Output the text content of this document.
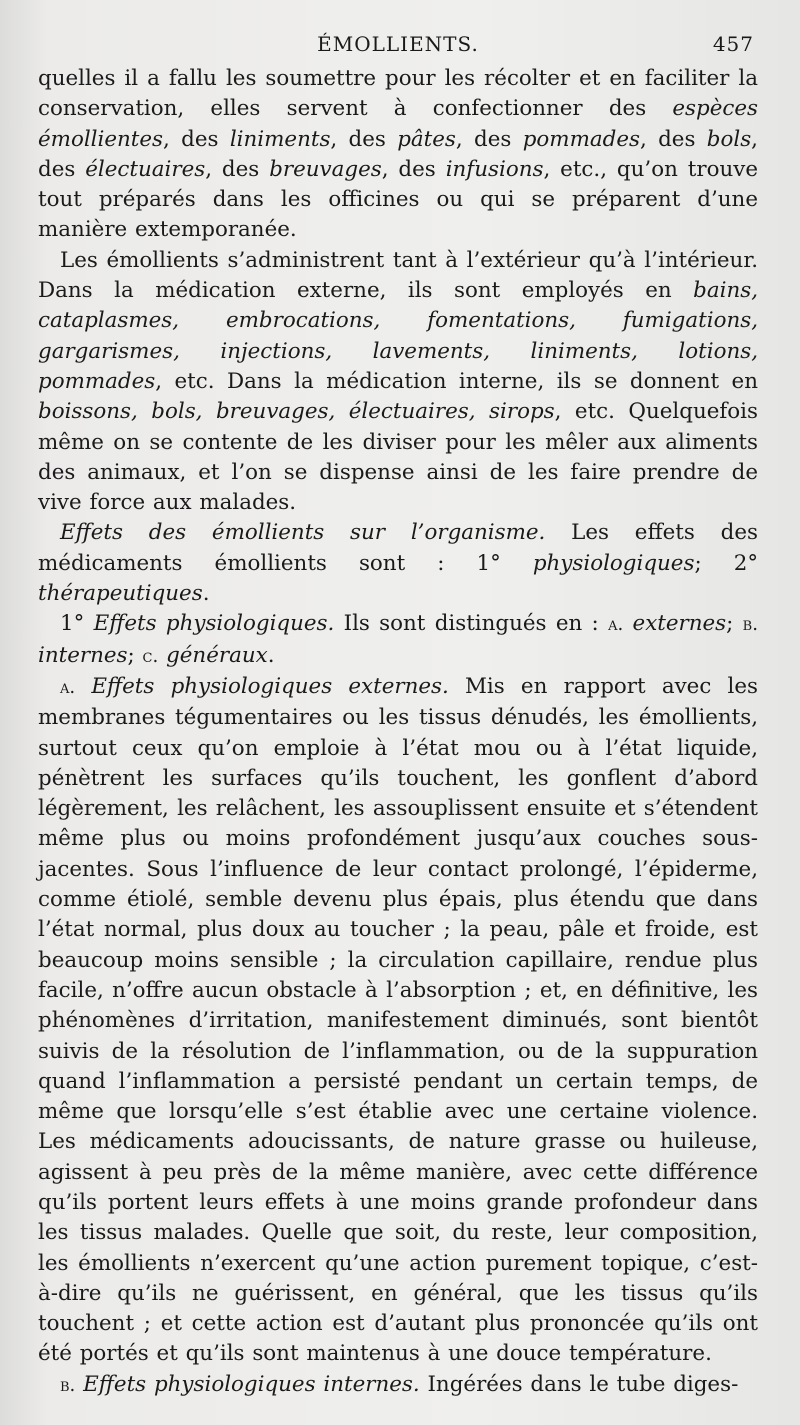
ÉMOLLIENTS.	457

quelles il a fallu les soumettre pour les récolter et en faciliter la conservation, elles servent à confectionner des espèces émollientes, des liniments, des pâtes, des pommades, des bols, des électuaires, des breuvages, des infusions, etc., qu’on trouve tout préparés dans les officines ou qui se préparent d’une manière extemporanée.

Les émollients s’administrent tant à l’extérieur qu’à l’intérieur. Dans la médication externe, ils sont employés en bains, cataplasmes, embrocations, fomentations, fumigations, gargarismes, injections, lavements, liniments, lotions, pommades, etc. Dans la médication interne, ils se donnent en boissons, bols, breuvages, électuaires, sirops, etc. Quelquefois même on se contente de les diviser pour les mêler aux aliments des animaux, et l’on se dispense ainsi de les faire prendre de vive force aux malades.

Effets des émollients sur l’organisme. Les effets des médicaments émollients sont : 1° physiologiques; 2° thérapeutiques.

1° Effets physiologiques. Ils sont distingués en : a. externes; b. internes; c. généraux.

a. Effets physiologiques externes. Mis en rapport avec les membranes tégumentaires ou les tissus dénudés, les émollients, surtout ceux qu’on emploie à l’état mou ou à l’état liquide, pénètrent les surfaces qu’ils touchent, les gonflent d’abord légèrement, les relâchent, les assouplissent ensuite et s’étendent même plus ou moins profondément jusqu’aux couches sous-jacentes. Sous l’influence de leur contact prolongé, l’épiderme, comme étiolé, semble devenu plus épais, plus étendu que dans l’état normal, plus doux au toucher ; la peau, pâle et froide, est beaucoup moins sensible ; la circulation capillaire, rendue plus facile, n’offre aucun obstacle à l’absorption ; et, en définitive, les phénomènes d’irritation, manifestement diminués, sont bientôt suivis de la résolution de l’inflammation, ou de la suppuration quand l’inflammation a persisté pendant un certain temps, de même que lorsqu’elle s’est établie avec une certaine violence. Les médicaments adoucissants, de nature grasse ou huileuse, agissent à peu près de la même manière, avec cette différence qu’ils portent leurs effets à une moins grande profondeur dans les tissus malades. Quelle que soit, du reste, leur composition, les émollients n’exercent qu’une action purement topique, c’est-à-dire qu’ils ne guérissent, en général, que les tissus qu’ils touchent ; et cette action est d’autant plus prononcée qu’ils ont été portés et qu’ils sont maintenus à une douce température.

b. Effets physiologiques internes. Ingérées dans le tube diges-
